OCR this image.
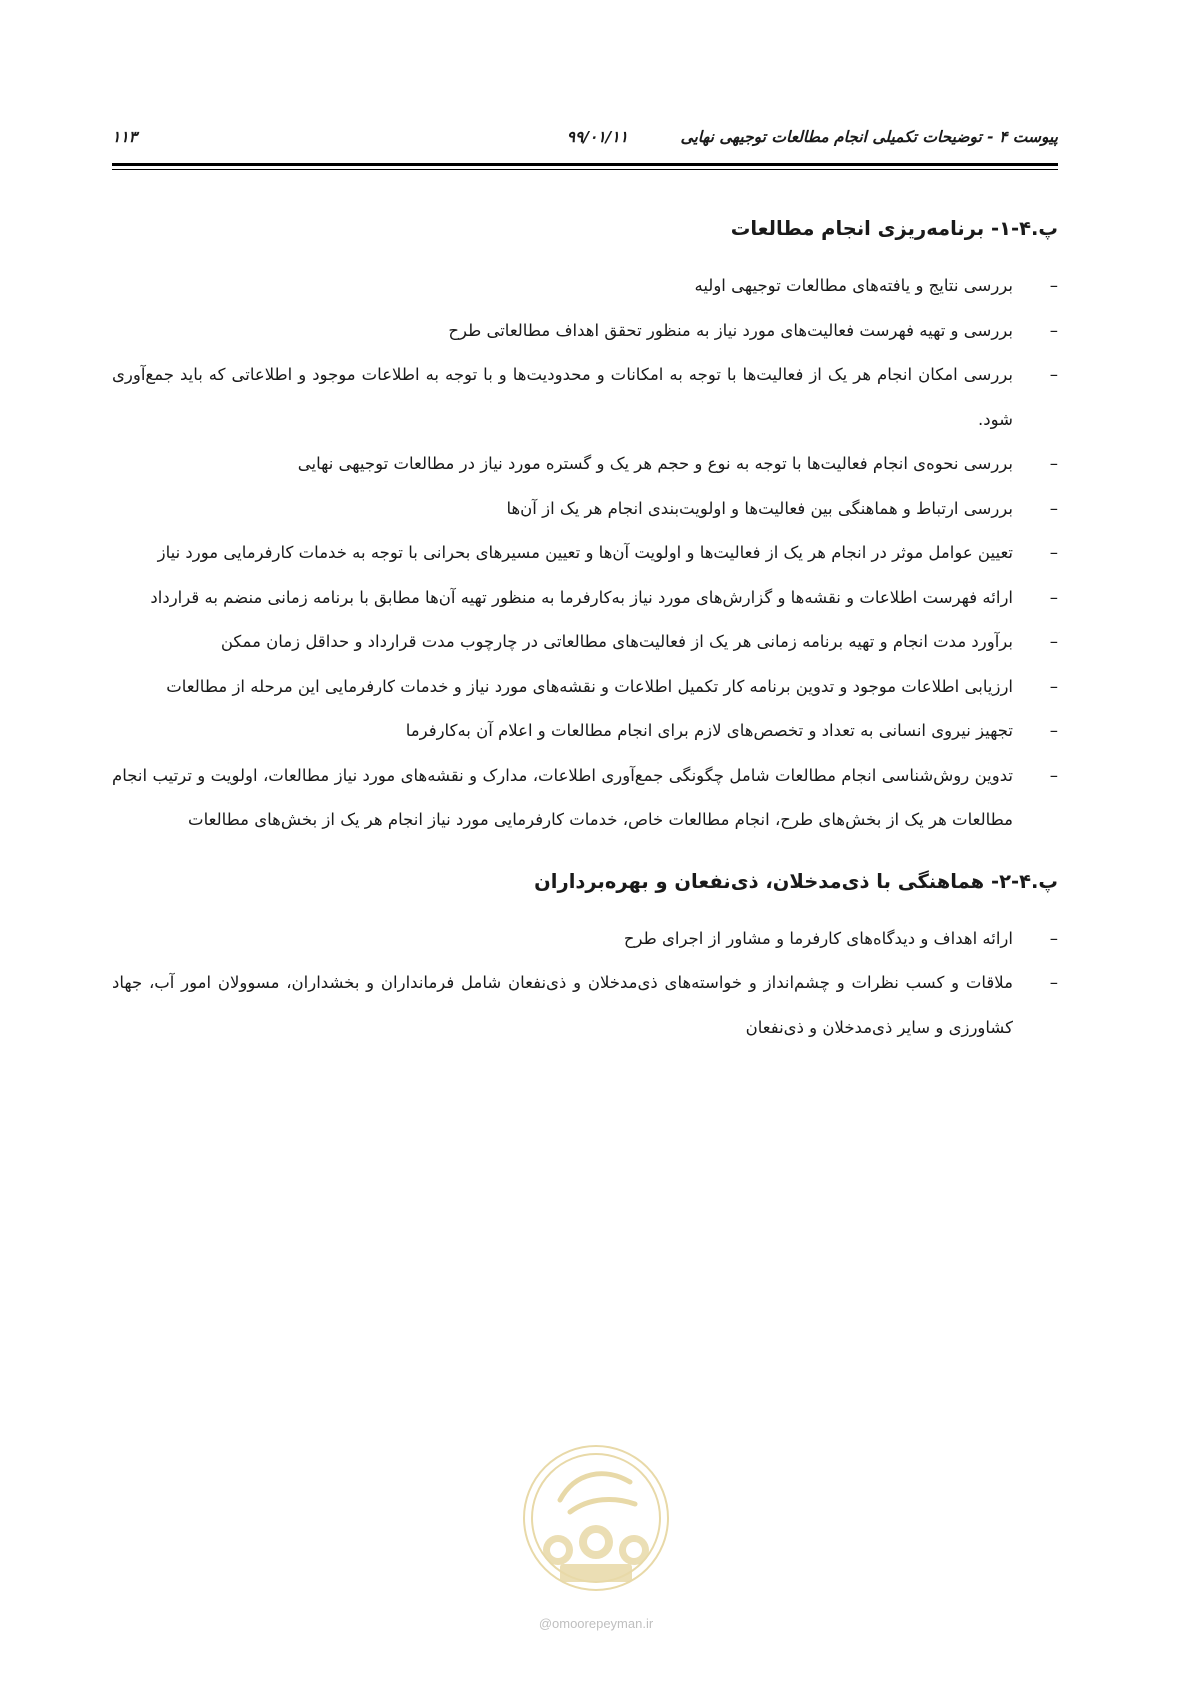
پیوست ۴ - توضیحات تکمیلی انجام مطالعات توجیهی نهایی
۹۹/۰۱/۱۱
۱۱۳
پ.۴-۱- برنامه‌ریزی انجام مطالعات
–
بررسی نتایج و یافته‌های مطالعات توجیهی اولیه
–
بررسی و تهیه فهرست فعالیت‌های مورد نیاز به منظور تحقق اهداف مطالعاتی طرح
–
بررسی امکان انجام هر یک از فعالیت‌ها با توجه به امکانات و محدودیت‌ها و با توجه به اطلاعات موجود و اطلاعاتی که باید جمع‌آوری شود.
–
بررسی نحوه‌ی انجام فعالیت‌ها با توجه به نوع و حجم هر یک و گستره مورد نیاز در مطالعات توجیهی نهایی
–
بررسی ارتباط و هماهنگی بین فعالیت‌ها و اولویت‌بندی انجام هر یک از آن‌ها
–
تعیین عوامل موثر در انجام هر یک از فعالیت‌ها و اولویت آن‌ها و تعیین مسیرهای بحرانی با توجه به خدمات کارفرمایی مورد نیاز
–
ارائه فهرست اطلاعات و نقشه‌ها و گزارش‌های مورد نیاز به‌کارفرما به منظور تهیه آن‌ها مطابق با برنامه زمانی منضم به قرارداد
–
برآورد مدت انجام و تهیه برنامه زمانی هر یک از فعالیت‌های مطالعاتی در چارچوب مدت قرارداد و حداقل زمان ممکن
–
ارزیابی اطلاعات موجود و تدوین برنامه کار تکمیل اطلاعات و نقشه‌های مورد نیاز و خدمات کارفرمایی این مرحله از مطالعات
–
تجهیز نیروی انسانی به تعداد و تخصص‌های لازم برای انجام مطالعات و اعلام آن به‌کارفرما
–
تدوین روش‌شناسی انجام مطالعات شامل چگونگی جمع‌آوری اطلاعات، مدارک و نقشه‌های مورد نیاز مطالعات، اولویت و ترتیب انجام مطالعات هر یک از بخش‌های طرح، انجام مطالعات خاص، خدمات کارفرمایی مورد نیاز انجام هر یک از بخش‌های مطالعات
پ.۴-۲- هماهنگی با ذی‌مدخلان، ذی‌نفعان و بهره‌برداران
–
ارائه اهداف و دیدگاه‌های کارفرما و مشاور از اجرای طرح
–
ملاقات و کسب نظرات و چشم‌انداز و خواسته‌های ذی‌مدخلان و ذی‌نفعان شامل فرمانداران و بخشداران، مسوولان امور آب، جهاد کشاورزی و سایر ذی‌مدخلان و ذی‌نفعان
@omoorepeyman.ir
